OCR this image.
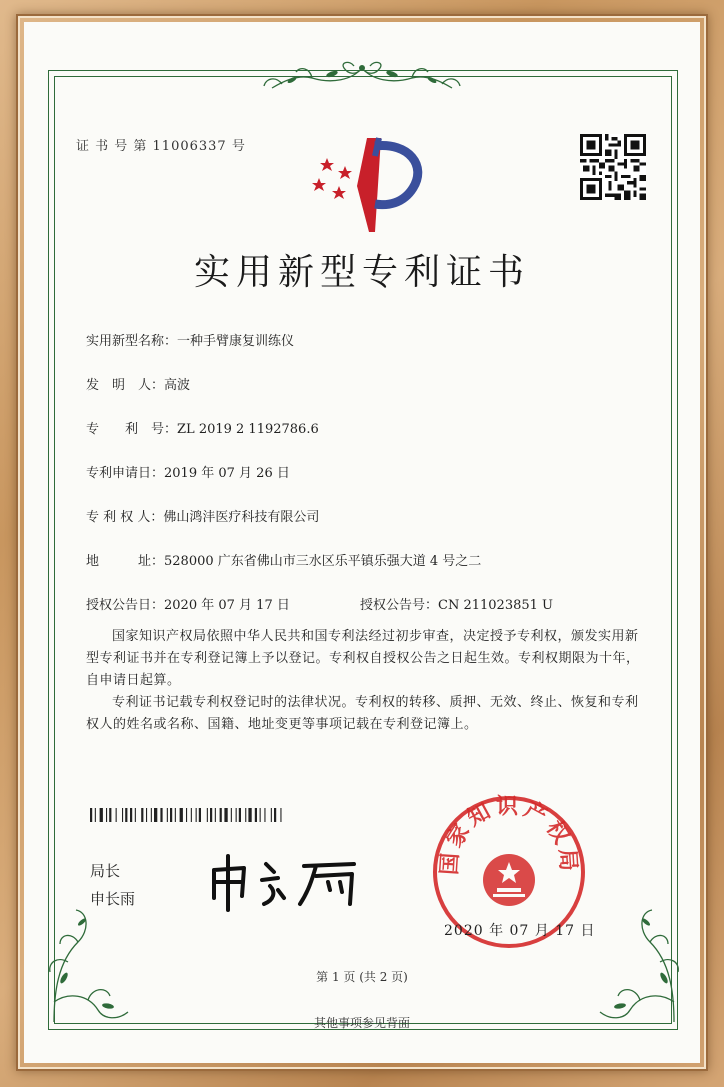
证 书 号 第 11006337 号
实用新型专利证书
实用新型名称：一种手臂康复训练仪
发　明　人：高波
专　　利　号：ZL 2019 2 1192786.6
专利申请日：2019 年 07 月 26 日
专 利 权 人：佛山鸿沣医疗科技有限公司
地　　　址：528000 广东省佛山市三水区乐平镇乐强大道 4 号之二
授权公告日：2020 年 07 月 17 日	授权公告号：CN 211023851 U
国家知识产权局依照中华人民共和国专利法经过初步审查，决定授予专利权，颁发实用新型专利证书并在专利登记簿上予以登记。专利权自授权公告之日起生效。专利权期限为十年，自申请日起算。
专利证书记载专利权登记时的法律状况。专利权的转移、质押、无效、终止、恢复和专利权人的姓名或名称、国籍、地址变更等事项记载在专利登记簿上。
局长
申长雨
国家知识产权局
2020 年 07 月 17 日
第 1 页 (共 2 页)
其他事项参见背面
